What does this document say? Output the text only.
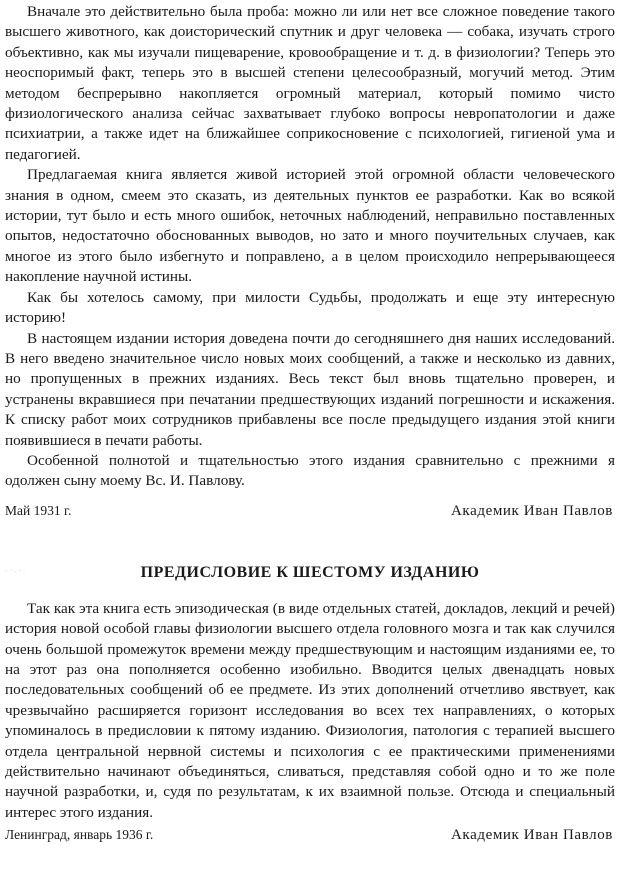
Вначале это действительно была проба: можно ли или нет все сложное поведение такого высшего животного, как доисторический спутник и друг человека — собака, изучать строго объективно, как мы изучали пищеварение, кровообращение и т. д. в физиологии? Теперь это неоспоримый факт, теперь это в высшей степени целесообразный, могучий метод. Этим методом беспрерывно накопляется огромный материал, который помимо чисто физиологического анализа сейчас захватывает глубоко вопросы невропатологии и даже психиатрии, а также идет на ближайшее соприкосновение с психологией, гигиеной ума и педагогией.

Предлагаемая книга является живой историей этой огромной области человеческого знания в одном, смеем это сказать, из деятельных пунктов ее разработки. Как во всякой истории, тут было и есть много ошибок, неточных наблюдений, неправильно поставленных опытов, недостаточно обоснованных выводов, но зато и много поучительных случаев, как многое из этого было избегнуто и поправлено, а в целом происходило непрерывающееся накопление научной истины.

Как бы хотелось самому, при милости Судьбы, продолжать и еще эту интересную историю!

В настоящем издании история доведена почти до сегодняшнего дня наших исследований. В него введено значительное число новых моих сообщений, а также и несколько из давних, но пропущенных в прежних изданиях. Весь текст был вновь тщательно проверен, и устранены вкравшиеся при печатании предшествующих изданий погрешности и искажения. К списку работ моих сотрудников прибавлены все после предыдущего издания этой книги появившиеся в печати работы.

Особенной полнотой и тщательностью этого издания сравнительно с прежними я одолжен сыну моему Вс. И. Павлову.

Май 1931 г.	Академик Иван Павлов
ПРЕДИСЛОВИЕ К ШЕСТОМУ ИЗДАНИЮ

Так как эта книга есть эпизодическая (в виде отдельных статей, докладов, лекций и речей) история новой особой главы физиологии высшего отдела головного мозга и так как случился очень большой промежуток времени между предшествующим и настоящим изданиями ее, то на этот раз она пополняется особенно изобильно. Вводится целых двенадцать новых последовательных сообщений об ее предмете. Из этих дополнений отчетливо явствует, как чрезвычайно расширяется горизонт исследования во всех тех направлениях, о которых упоминалось в предисловии к пятому изданию. Физиология, патология с терапией высшего отдела центральной нервной системы и психология с ее практическими применениями действительно начинают объединяться, сливаться, представляя собой одно и то же поле научной разработки, и, судя по результатам, к их взаимной пользе. Отсюда и специальный интерес этого издания.

Ленинград, январь 1936 г.	Академик Иван Павлов
